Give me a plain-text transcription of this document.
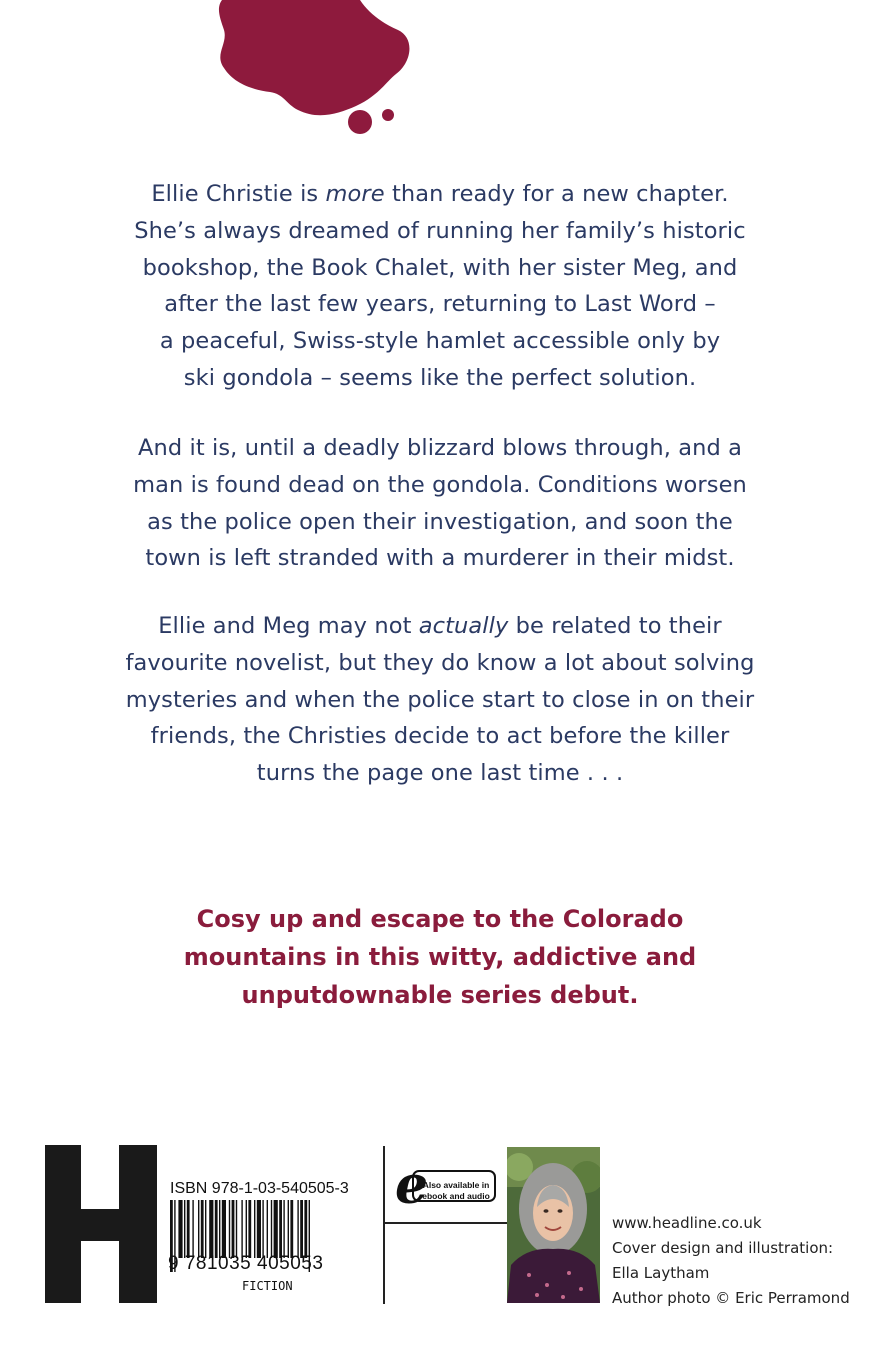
Ellie Christie is more than ready for a new chapter.

She’s always dreamed of running her family’s historic

bookshop, the Book Chalet, with her sister Meg, and

after the last few years, returning to Last Word –

a peaceful, Swiss-style hamlet accessible only by

ski gondola – seems like the perfect solution.

And it is, until a deadly blizzard blows through, and a

man is found dead on the gondola. Conditions worsen

as the police open their investigation, and soon the

town is left stranded with a murderer in their midst.

Ellie and Meg may not actually be related to their

favourite novelist, but they do know a lot about solving

mysteries and when the police start to close in on their

friends, the Christies decide to act before the killer

turns the page one last time . . .

Cosy up and escape to the Colorado
mountains in this witty, addictive and
unputdownable series debut.
ISBN 978-1-03-540505-3
9 781035 405053
FICTION
e
Also available in
ebook and audio
www.headline.co.uk
Cover design and illustration:
Ella Laytham
Author photo © Eric Perramond
